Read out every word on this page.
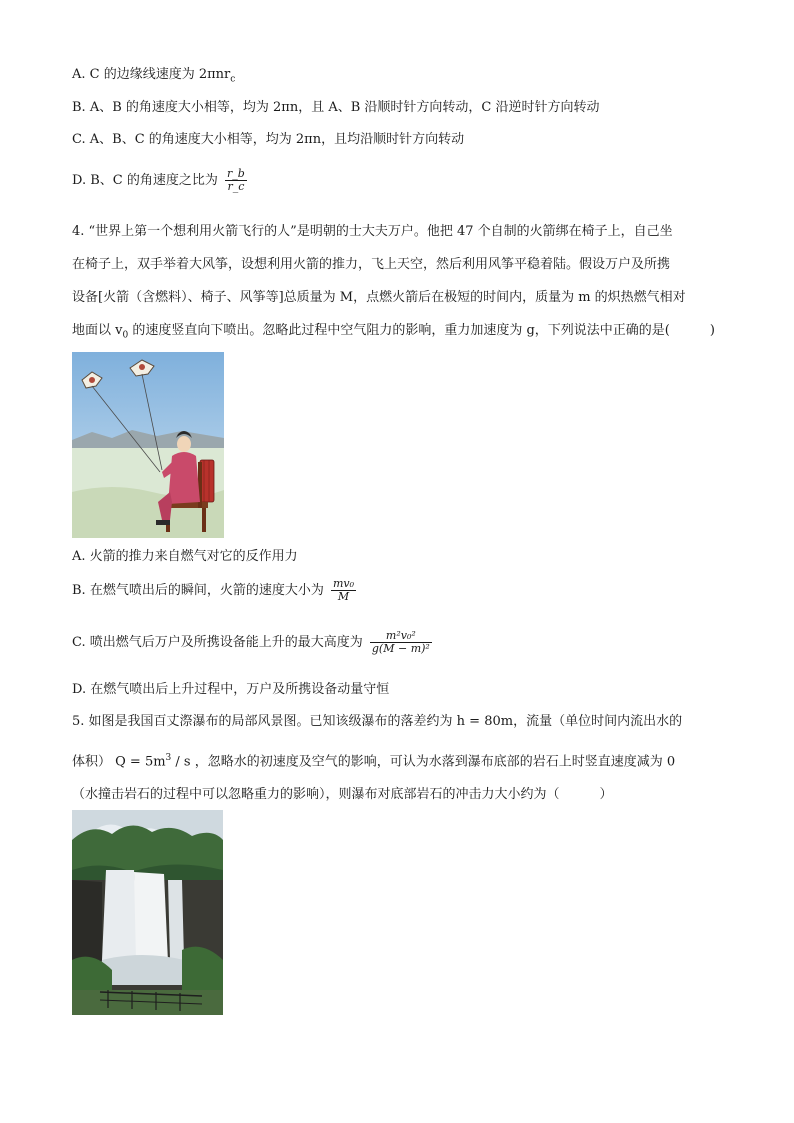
A. C 的边缘线速度为 2πnr$_c$
B. A、B 的角速度大小相等，均为 2πn，且 A、B 沿顺时针方向转动，C 沿逆时针方向转动
C. A、B、C 的角速度大小相等，均为 2πn，且均沿顺时针方向转动
D. B、C 的角速度之比为 $\frac{r\_b}{r\_c}$
4. “世界上第一个想利用火箭飞行的人”是明朝的士大夫万户。他把 47 个自制的火箭绑在椅子上，自己坐
在椅子上，双手举着大风筝，设想利用火箭的推力，飞上天空，然后利用风筝平稳着陆。假设万户及所携
设备[火箭（含燃料）、椅子、风筝等]总质量为 M，点燃火箭后在极短的时间内，质量为 m 的炽热燃气相对
地面以 $v_0$ 的速度竖直向下喷出。忽略此过程中空气阻力的影响，重力加速度为 g，下列说法中正确的是(	)
A. 火箭的推力来自燃气对它的反作用力
B. 在燃气喷出后的瞬间，火箭的速度大小为 $\frac{\text{mv₀}}{M}$
C. 喷出燃气后万户及所携设备能上升的最大高度为 $\frac{\text{m²v₀²}}{\text{g(M − m)²}}$
D. 在燃气喷出后上升过程中，万户及所携设备动量守恒
5. 如图是我国百丈漈瀑布的局部风景图。已知该级瀑布的落差约为 h = 80m，流量（单位时间内流出水的
体积） $Q = 5m^3 / s$ ，忽略水的初速度及空气的影响，可认为水落到瀑布底部的岩石上时竖直速度减为 0
（水撞击岩石的过程中可以忽略重力的影响），则瀑布对底部岩石的冲击力大小约为（	）
